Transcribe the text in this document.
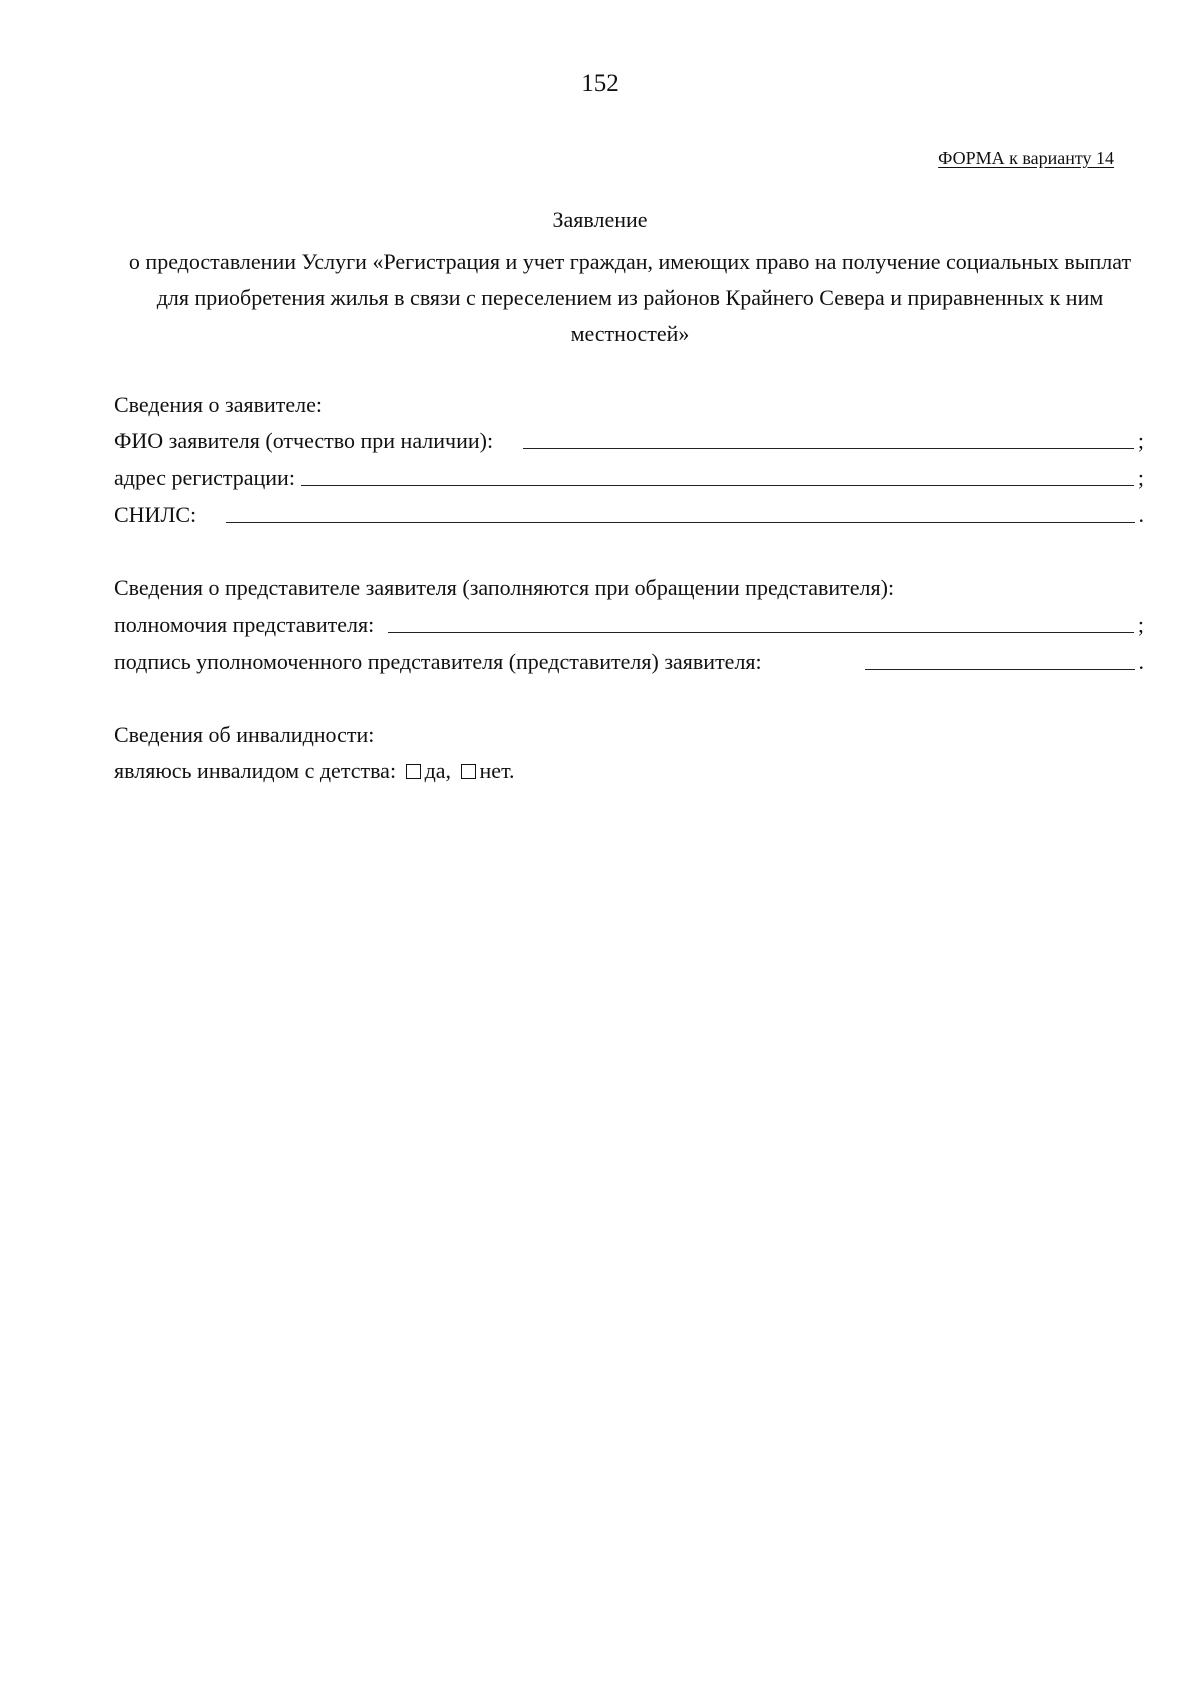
152
ФОРМА к варианту 14
Заявление
о предоставлении Услуги «Регистрация и учет граждан, имеющих право на получение социальных выплат для приобретения жилья в связи с переселением из районов Крайнего Севера и приравненных к ним местностей»
Сведения о заявителе:
ФИО заявителя (отчество при наличии):	;
адрес регистрации:	;
СНИЛС:	.
Сведения о представителе заявителя (заполняются при обращении представителя):
полномочия представителя:	;
подпись уполномоченного представителя (представителя) заявителя:	.
Сведения об инвалидности:
являюсь инвалидом с детства: да, нет.
